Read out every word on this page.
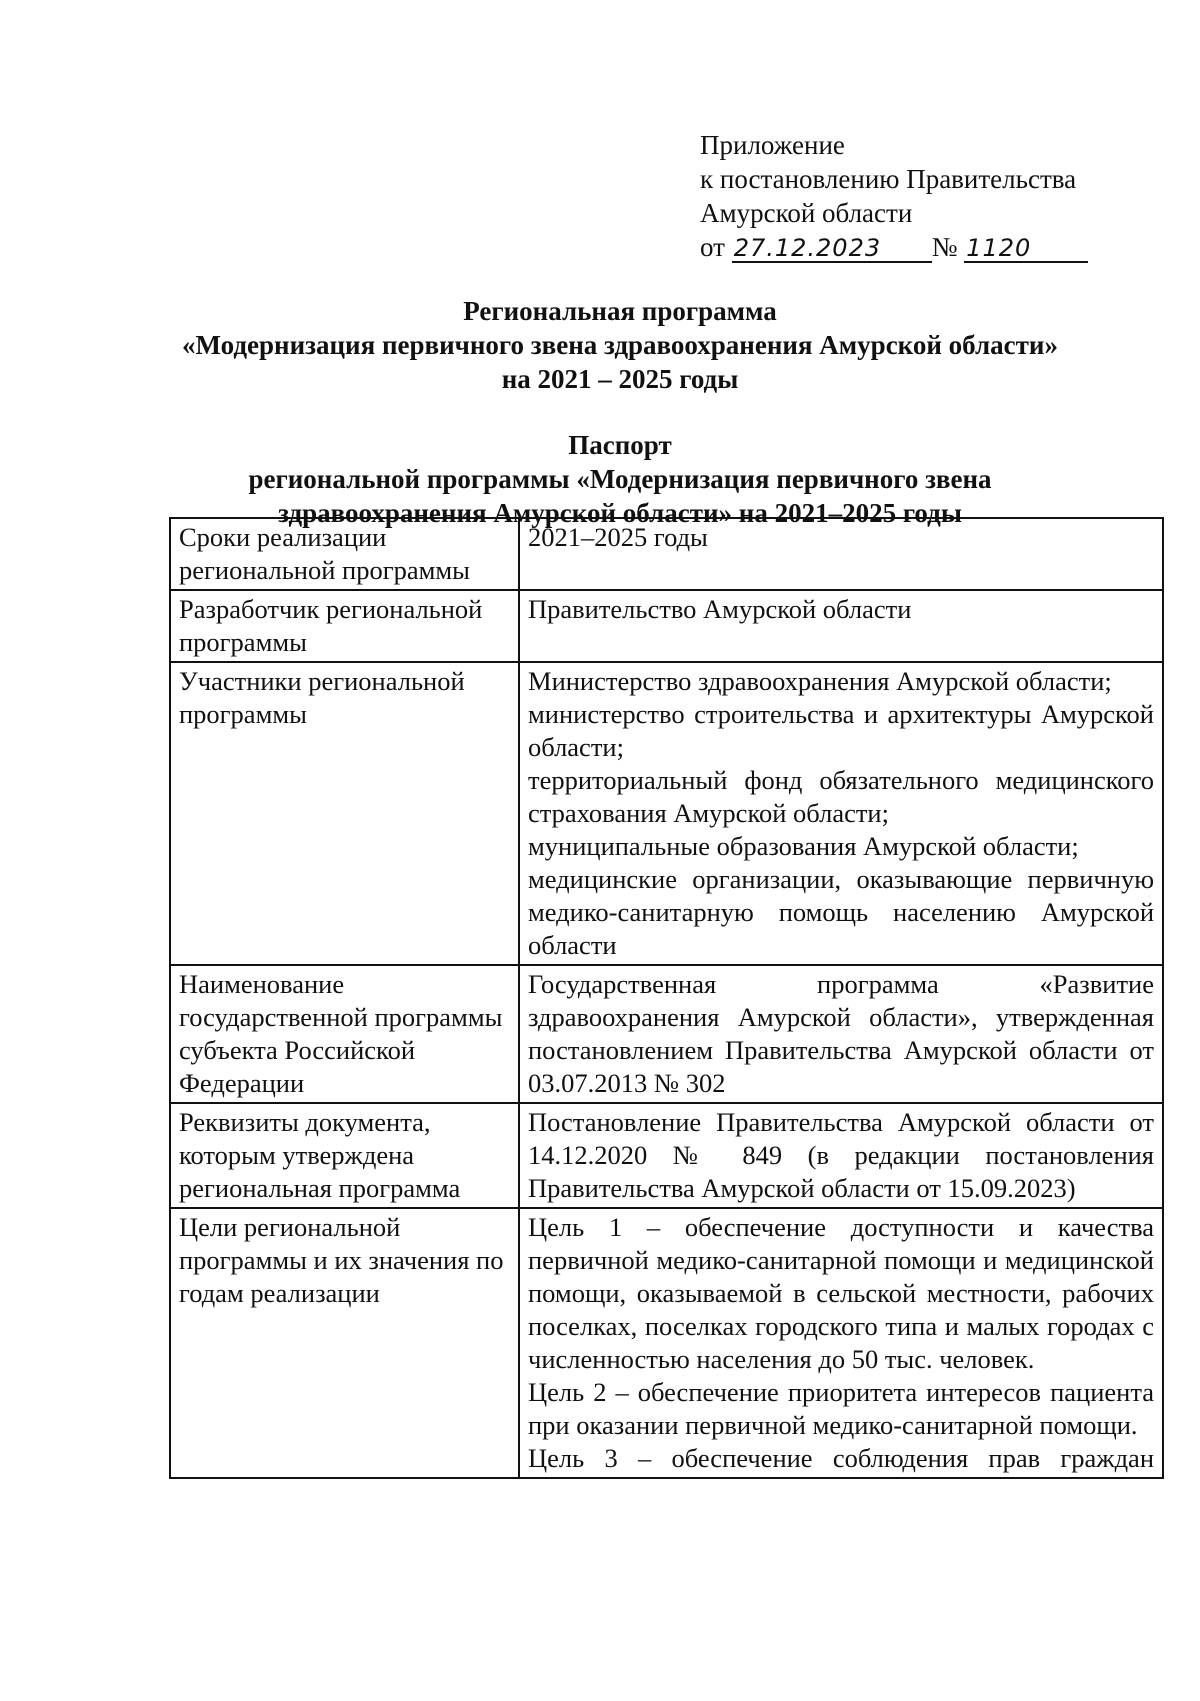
Приложение
к постановлению Правительства
Амурской области
от 27.12.2023 № 1120
Региональная программа
«Модернизация первичного звена здравоохранения Амурской области»
на 2021 – 2025 годы
Паспорт
региональной программы «Модернизация первичного звена
здравоохранения Амурской области» на 2021–2025 годы
Сроки реализации региональной программы	2021–2025 годы

Разработчик региональной программы	Правительство Амурской области

Участники региональной программы	Министерство здравоохранения Амурской области;

министерство строительства и архитектуры Амурской области;

территориальный фонд обязательного медицинского страхования Амурской области;

муниципальные образования Амурской области;

медицинские организации, оказывающие первичную медико-санитарную помощь населению Амурской области

Наименование государственной программы субъекта Российской Федерации	Государственная программа «Развитие здравоохранения Амурской области», утвержденная постановлением Правительства Амурской области от 03.07.2013 № 302

Реквизиты документа, которым утверждена региональная программа	Постановление Правительства Амурской области от 14.12.2020 № 849 (в редакции постановления Правительства Амурской области от 15.09.2023)

Цели региональной программы и их значения по годам реализации	Цель 1 – обеспечение доступности и качества первичной медико-санитарной помощи и медицинской помощи, оказываемой в сельской местности, рабочих поселках, поселках городского типа и малых городах с численностью населения до 50 тыс. человек.

Цель 2 – обеспечение приоритета интересов пациента при оказании первичной медико-санитарной помощи.

Цель 3 – обеспечение соблюдения прав граждан
